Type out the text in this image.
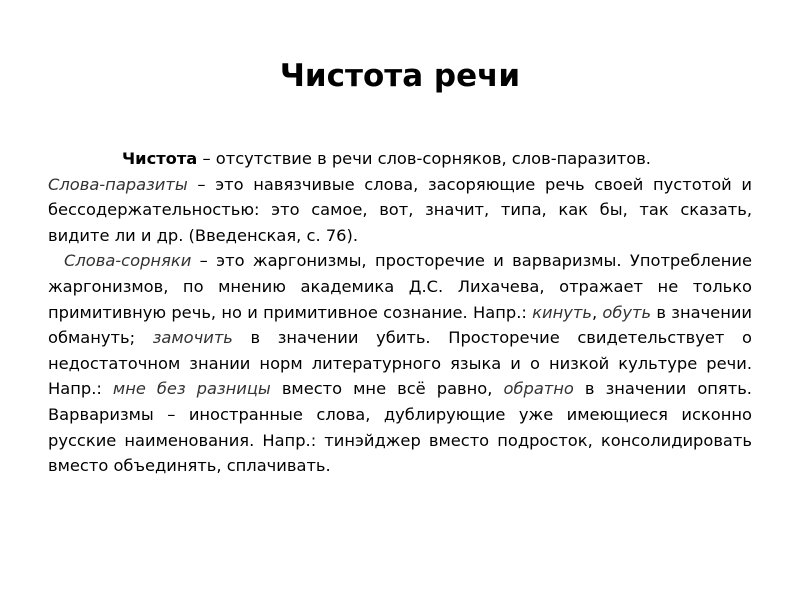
Чистота речи

Чистота – отсутствие в речи слов-сорняков, слов-паразитов.

Слова-паразиты – это навязчивые слова, засоряющие речь своей пустотой и бессодержательностью: это самое, вот, значит, типа, как бы, так сказать, видите ли и др. (Введенская, с. 76).

Слова-сорняки – это жаргонизмы, просторечие и варваризмы. Употребление жаргонизмов, по мнению академика Д.С. Лихачева, отражает не только примитивную речь, но и примитивное сознание. Напр.: кинуть, обуть в значении обмануть; замочить в значении убить. Просторечие свидетельствует о недостаточном знании норм литературного языка и о низкой культуре речи. Напр.: мне без разницы вместо мне всё равно, обратно в значении опять. Варваризмы – иностранные слова, дублирующие уже имеющиеся исконно русские наименования. Напр.: тинэйджер вместо подросток, консолидировать вместо объединять, сплачивать.
